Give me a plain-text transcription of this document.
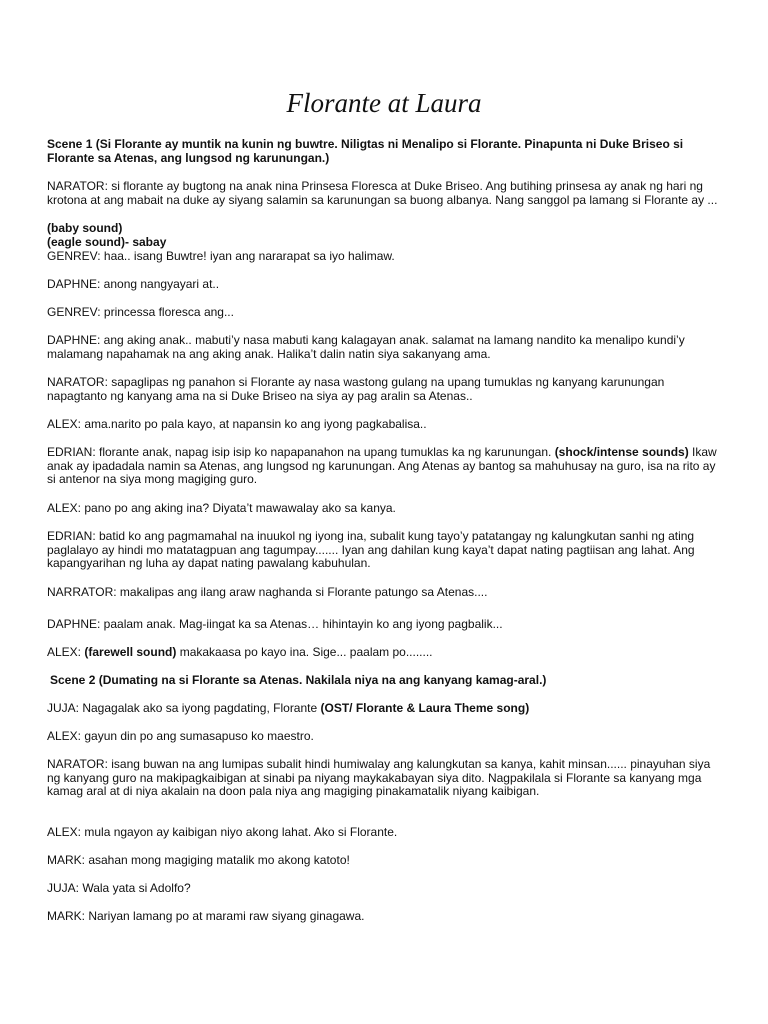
Florante at Laura

Scene 1 (Si Florante ay muntik na kunin ng buwtre. Niligtas ni Menalipo si Florante. Pinapunta ni Duke Briseo si Florante sa Atenas, ang lungsod ng karunungan.)

NARATOR: si florante ay bugtong na anak nina Prinsesa Floresca at Duke Briseo. Ang butihing prinsesa ay anak ng hari ng krotona at ang mabait na duke ay siyang salamin sa karunungan sa buong albanya. Nang sanggol pa lamang si Florante ay ...

(baby sound)

(eagle sound)- sabay

GENREV: haa.. isang Buwtre! iyan ang nararapat sa iyo halimaw.

DAPHNE: anong nangyayari at..

GENREV: princessa floresca ang...

DAPHNE: ang aking anak.. mabuti’y nasa mabuti kang kalagayan anak. salamat na lamang nandito ka menalipo kundi’y malamang napahamak na ang aking anak. Halika’t dalin natin siya sakanyang ama.

NARATOR: sapaglipas ng panahon si Florante ay nasa wastong gulang na upang tumuklas ng kanyang karunungan napagtanto ng kanyang ama na si Duke Briseo na siya ay pag aralin sa Atenas..

ALEX: ama.narito po pala kayo, at napansin ko ang iyong pagkabalisa..

EDRIAN: florante anak, napag isip isip ko napapanahon na upang tumuklas ka ng karunungan. (shock/intense sounds) Ikaw anak ay ipadadala namin sa Atenas, ang lungsod ng karunungan. Ang Atenas ay bantog sa mahuhusay na guro, isa na rito ay si antenor na siya mong magiging guro.

ALEX: pano po ang aking ina? Diyata’t mawawalay ako sa kanya.

EDRIAN: batid ko ang pagmamahal na inuukol ng iyong ina, subalit kung tayo’y patatangay ng kalungkutan sanhi ng ating paglalayo ay hindi mo matatagpuan ang tagumpay....... Iyan ang dahilan kung kaya’t dapat nating pagtiisan ang lahat. Ang kapangyarihan ng luha ay dapat nating pawalang kabuhulan.

NARRATOR: makalipas ang ilang araw naghanda si Florante patungo sa Atenas....

DAPHNE: paalam anak. Mag-iingat ka sa Atenas… hihintayin ko ang iyong pagbalik...

ALEX: (farewell sound) makakaasa po kayo ina. Sige... paalam po........

Scene 2 (Dumating na si Florante sa Atenas. Nakilala niya na ang kanyang kamag-aral.)

JUJA: Nagagalak ako sa iyong pagdating, Florante (OST/ Florante & Laura Theme song)

ALEX: gayun din po ang sumasapuso ko maestro.

NARATOR: isang buwan na ang lumipas subalit hindi humiwalay ang kalungkutan sa kanya, kahit minsan...... pinayuhan siya ng kanyang guro na makipagkaibigan at sinabi pa niyang maykakabayan siya dito. Nagpakilala si Florante sa kanyang mga kamag aral at di niya akalain na doon pala niya ang magiging pinakamatalik niyang kaibigan.

ALEX: mula ngayon ay kaibigan niyo akong lahat. Ako si Florante.

MARK: asahan mong magiging matalik mo akong katoto!

JUJA: Wala yata si Adolfo?

MARK: Nariyan lamang po at marami raw siyang ginagawa.
